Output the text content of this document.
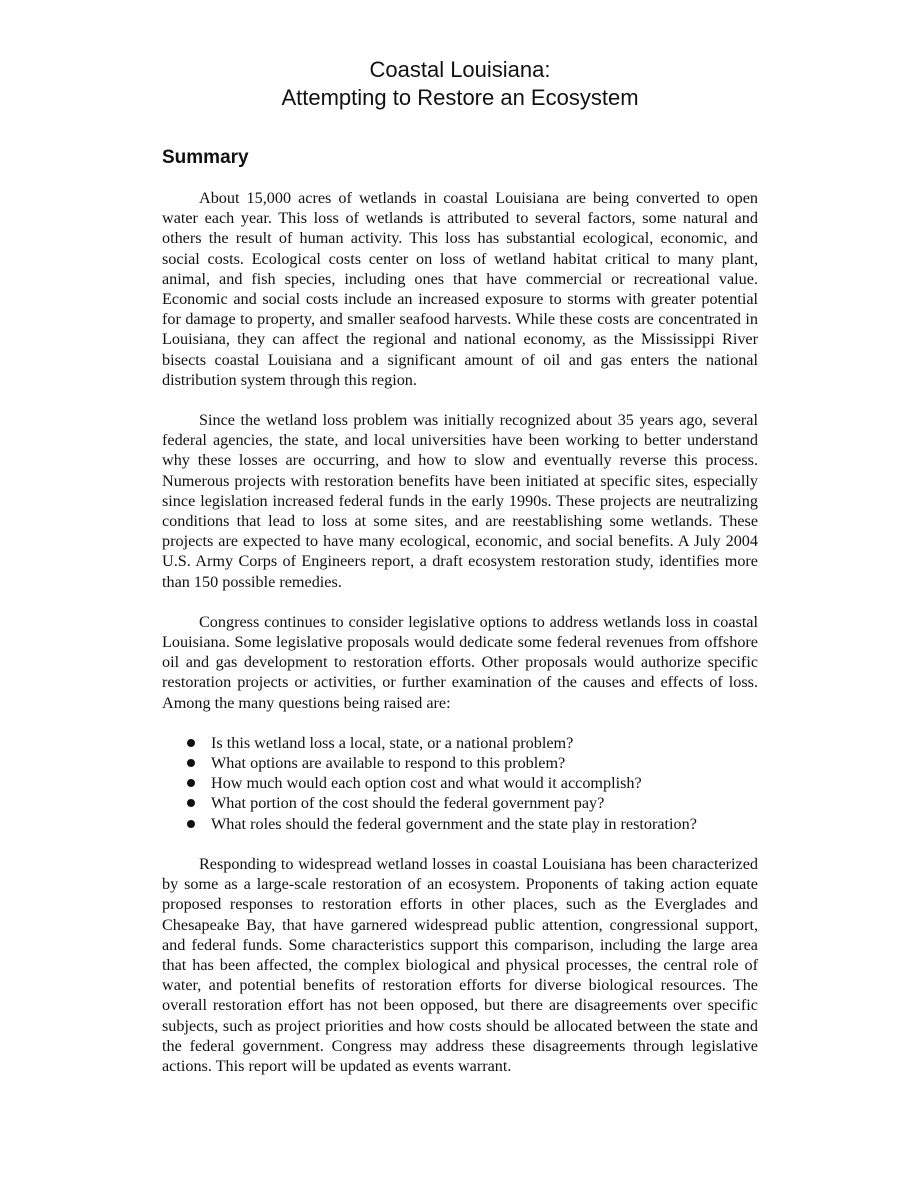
Coastal Louisiana:
Attempting to Restore an Ecosystem
Summary

About 15,000 acres of wetlands in coastal Louisiana are being converted to open water each year. This loss of wetlands is attributed to several factors, some natural and others the result of human activity. This loss has substantial ecological, economic, and social costs. Ecological costs center on loss of wetland habitat critical to many plant, animal, and fish species, including ones that have commercial or recreational value. Economic and social costs include an increased exposure to storms with greater potential for damage to property, and smaller seafood harvests. While these costs are concentrated in Louisiana, they can affect the regional and national economy, as the Mississippi River bisects coastal Louisiana and a significant amount of oil and gas enters the national distribution system through this region.

Since the wetland loss problem was initially recognized about 35 years ago, several federal agencies, the state, and local universities have been working to better understand why these losses are occurring, and how to slow and eventually reverse this process. Numerous projects with restoration benefits have been initiated at specific sites, especially since legislation increased federal funds in the early 1990s. These projects are neutralizing conditions that lead to loss at some sites, and are reestablishing some wetlands. These projects are expected to have many ecological, economic, and social benefits. A July 2004 U.S. Army Corps of Engineers report, a draft ecosystem restoration study, identifies more than 150 possible remedies.

Congress continues to consider legislative options to address wetlands loss in coastal Louisiana. Some legislative proposals would dedicate some federal revenues from offshore oil and gas development to restoration efforts. Other proposals would authorize specific restoration projects or activities, or further examination of the causes and effects of loss. Among the many questions being raised are:

Is this wetland loss a local, state, or a national problem?
What options are available to respond to this problem?
How much would each option cost and what would it accomplish?
What portion of the cost should the federal government pay?
What roles should the federal government and the state play in restoration?

Responding to widespread wetland losses in coastal Louisiana has been characterized by some as a large-scale restoration of an ecosystem. Proponents of taking action equate proposed responses to restoration efforts in other places, such as the Everglades and Chesapeake Bay, that have garnered widespread public attention, congressional support, and federal funds. Some characteristics support this comparison, including the large area that has been affected, the complex biological and physical processes, the central role of water, and potential benefits of restoration efforts for diverse biological resources. The overall restoration effort has not been opposed, but there are disagreements over specific subjects, such as project priorities and how costs should be allocated between the state and the federal government. Congress may address these disagreements through legislative actions. This report will be updated as events warrant.
